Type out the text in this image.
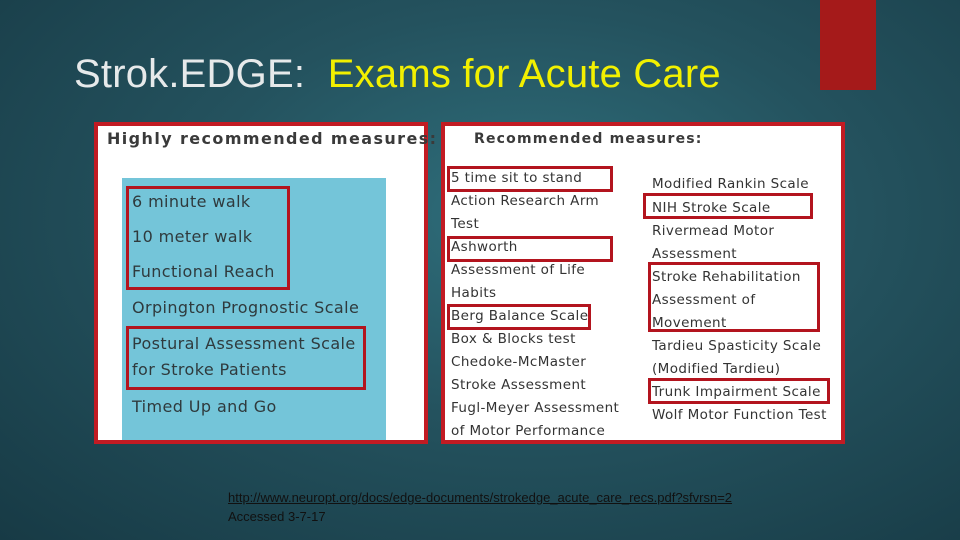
Strok.EDGE: Exams for Acute Care
Highly recommended measures:
6 minute walk
10 meter walk
Functional Reach
Orpington Prognostic Scale
Postural Assessment Scale
for Stroke Patients
Timed Up and Go
Recommended measures:
5 time sit to stand
Action Research Arm
Test
Ashworth
Assessment of Life
Habits
Berg Balance Scale
Box & Blocks test
Chedoke-McMaster
Stroke Assessment
Fugl-Meyer Assessment
of Motor Performance
Modified Rankin Scale
NIH Stroke Scale
Rivermead Motor
Assessment
Stroke Rehabilitation
Assessment of
Movement
Tardieu Spasticity Scale
(Modified Tardieu)
Trunk Impairment Scale
Wolf Motor Function Test
http://www.neuropt.org/docs/edge-documents/strokedge_acute_care_recs.pdf?sfvrsn=2
Accessed 3-7-17
